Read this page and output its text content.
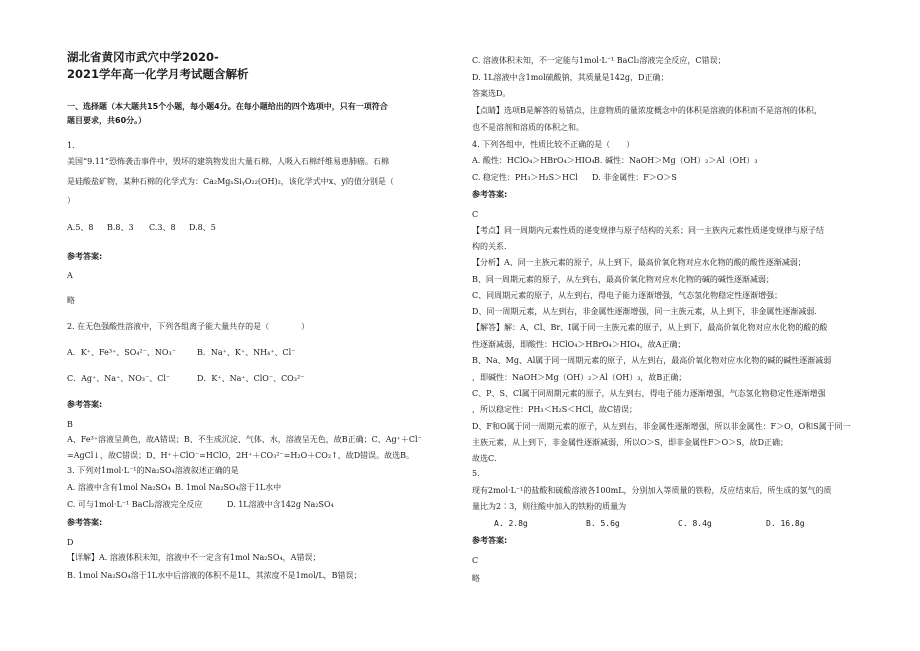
湖北省黄冈市武穴中学2020-
2021学年高一化学月考试题含解析
一、选择题（本大题共15个小题，每小题4分。在每小题给出的四个选项中，只有一项符合
题目要求，共60分。）
1.
美国“9.11”恐怖袭击事件中，毁坏的建筑物发出大量石棉，人吸入石棉纤维易患肺癌。石棉
是硅酸盐矿物，某种石棉的化学式为：Ca₂MgₓSiᵧO₂₂(OH)₂，该化学式中x、y的值分别是（
）
A.5、8 B.8、3 C.3、8 D.8、5
参考答案:
A
略
2. 在无色强酸性溶液中，下列各组离子能大量共存的是（　　　　）
A．K⁺、Fe³⁺、SO₄²⁻、NO₃⁻	B．Na⁺、K⁺、NH₄⁺、Cl⁻
C．Ag⁺、Na⁺、NO₃⁻、Cl⁻	D．K⁺、Na⁺、ClO⁻、CO₃²⁻
参考答案:
B
A、Fe³⁺溶液呈黄色，故A错误；B、不生成沉淀、气体、水，溶液呈无色，故B正确；C、Ag⁺＋Cl⁻
=AgCl↓，故C错误；D、H⁺＋ClO⁻=HClO，2H⁺＋CO₃²⁻=H₂O＋CO₂↑，故D错误。故选B。
3. 下列对1mol·L⁻¹的Na₂SO₄溶液叙述正确的是
A. 溶液中含有1mol Na₂SO₄ B. 1mol Na₂SO₄溶于1L水中
C. 可与1mol·L⁻¹ BaCl₂溶液完全反应	D. 1L溶液中含142g Na₂SO₄
参考答案:
D
【详解】A. 溶液体积未知，溶液中不一定含有1mol Na₂SO₄，A错误；
B. 1mol Na₂SO₄溶于1L水中后溶液的体积不是1L，其浓度不是1mol/L，B错误；
C. 溶液体积未知，不一定能与1mol·L⁻¹ BaCl₂溶液完全反应，C错误；
D. 1L溶液中含1mol硫酸钠，其质量是142g，D正确；
答案选D。
【点睛】选项B是解答的易错点，注意物质的量浓度概念中的体积是溶液的体积而不是溶剂的体积，
也不是溶剂和溶质的体积之和。
4. 下列各组中，性质比较不正确的是（　　）
A. 酸性：HClO₄＞HBrO₄＞HIO₄B. 碱性：NaOH＞Mg（OH）₂＞Al（OH）₃
C. 稳定性：PH₃＞H₂S＞HCl D. 非金属性：F＞O＞S
参考答案:
C
【考点】同一周期内元素性质的递变规律与原子结构的关系；同一主族内元素性质递变规律与原子结
构的关系．
【分析】A、同一主族元素的原子，从上到下，最高价氧化物对应水化物的酸的酸性逐渐减弱；
B、同一周期元素的原子，从左到右，最高价氧化物对应水化物的碱的碱性逐渐减弱；
C、同周期元素的原子，从左到右，得电子能力逐渐增强，气态氢化物稳定性逐渐增强；
D、同一周期元素，从左到右，非金属性逐渐增强，同一主族元素，从上到下，非金属性逐渐减弱．
【解答】解：A、Cl、Br、I属于同一主族元素的原子，从上到下，最高价氧化物对应水化物的酸的酸
性逐渐减弱，即酸性：HClO₄＞HBrO₄＞HIO₄，故A正确；
B、Na、Mg、Al属于同一周期元素的原子，从左到右，最高价氧化物对应水化物的碱的碱性逐渐减弱
，即碱性：NaOH＞Mg（OH）₂＞Al（OH）₃，故B正确；
C、P、S、Cl属于同周期元素的原子，从左到右，得电子能力逐渐增强，气态氢化物稳定性逐渐增强
，所以稳定性：PH₃＜H₂S＜HCl，故C错误；
D、F和O属于同一周期元素的原子，从左到右，非金属性逐渐增强，所以非金属性：F＞O，O和S属于同一
主族元素，从上到下，非金属性逐渐减弱，所以O＞S，即非金属性F＞O＞S，故D正确；
故选C．
5.
现有2mol·L⁻¹的盐酸和硫酸溶液各100mL，分别加入等质量的铁粉，反应结束后，所生成的氢气的质
量比为2∶3，则往酸中加入的铁粉的质量为
A. 2.8g	B. 5.6g	C. 8.4g	D. 16.8g
参考答案:
C
略
